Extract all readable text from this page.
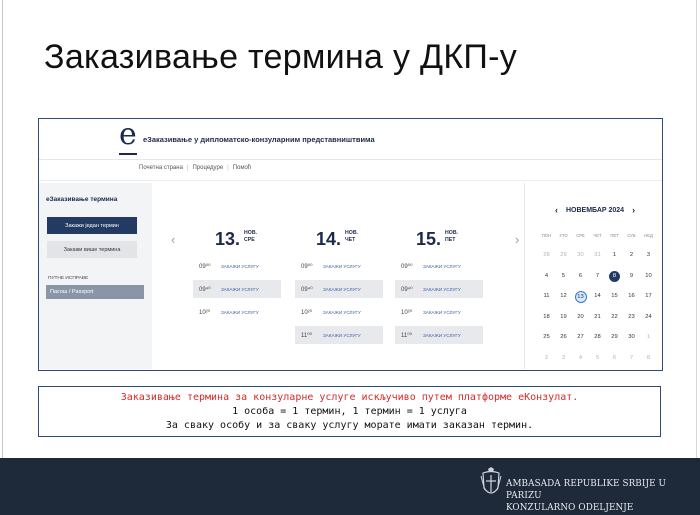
Заказивање термина у ДКП-у
e еЗаказивање у дипломатско-конзуларним представништвима
Почетна страна | Процедуре | Помоћ
еЗаказивање термина
Закажи један термин
Закажи више термина
ПУТНЕ ИСПРАВЕ
Пасош / Passport
‹	›
13. НОВ.
СРЕ
09⁰⁰	ЗАКАЖИ УСЛУГУ
09⁴⁰	ЗАКАЖИ УСЛУГУ
10²⁰	ЗАКАЖИ УСЛУГУ
14. НОВ.
ЧЕТ
09⁰⁰	ЗАКАЖИ УСЛУГУ
09⁴⁰	ЗАКАЖИ УСЛУГУ
10²⁰	ЗАКАЖИ УСЛУГУ
11⁰⁰	ЗАКАЖИ УСЛУГУ
15. НОВ.
ПЕТ
09⁰⁰	ЗАКАЖИ УСЛУГУ
09⁴⁰	ЗАКАЖИ УСЛУГУ
10²⁰	ЗАКАЖИ УСЛУГУ
11⁰⁰	ЗАКАЖИ УСЛУГУ
‹ НОВЕМБАР 2024 ›
ПОН	УТО	СРЕ	ЧЕТ	ПЕТ	СУБ	НЕД
28	29	30	31	1	2	3
4	5	6	7	8	9	10
11	12	13	14	15	16	17
18	19	20	21	22	23	24
25	26	27	28	29	30	1
2	3	4	5	6	7	8
Заказивање термина за конзуларне услуге искључиво путем платформе еКонзулат.
1 особа = 1 термин, 1 термин = 1 услуга
За сваку особу и за сваку услугу морате имати заказан термин.
AMBASADA REPUBLIKE SRBIJE U PARIZU
KONZULARNO ODELJENJE
